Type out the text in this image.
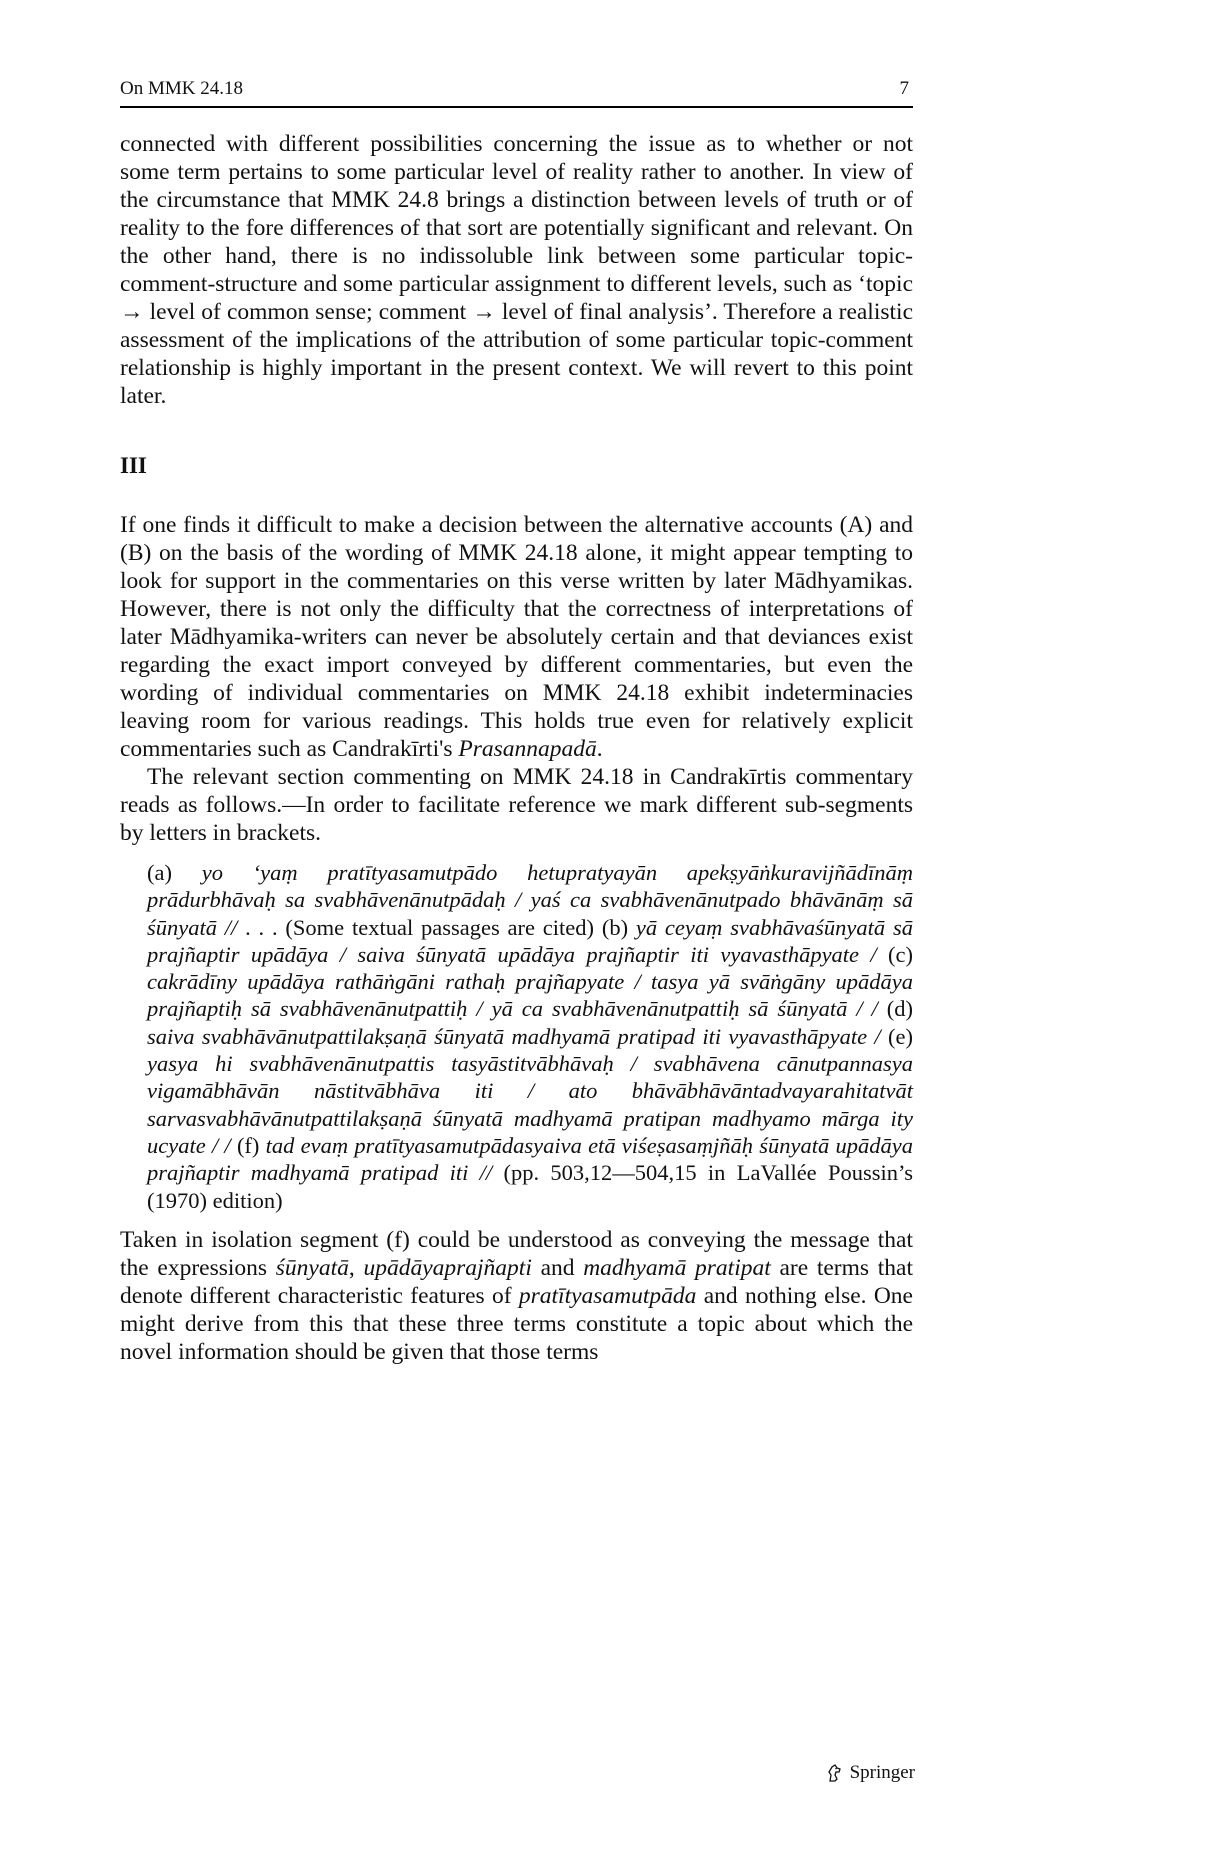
On MMK 24.18	7

connected with different possibilities concerning the issue as to whether or not some term pertains to some particular level of reality rather to another. In view of the circumstance that MMK 24.8 brings a distinction between levels of truth or of reality to the fore differences of that sort are potentially significant and relevant. On the other hand, there is no indissoluble link between some particular topic-comment-structure and some particular assignment to different levels, such as ‘topic → level of common sense; comment → level of final analysis’. Therefore a realistic assessment of the implications of the attribution of some particular topic-comment relationship is highly important in the present context. We will revert to this point later.

III

If one finds it difficult to make a decision between the alternative accounts (A) and (B) on the basis of the wording of MMK 24.18 alone, it might appear tempting to look for support in the commentaries on this verse written by later Mādhyamikas. However, there is not only the difficulty that the correctness of interpretations of later Mādhyamika-writers can never be absolutely certain and that deviances exist regarding the exact import conveyed by different commentaries, but even the wording of individual commentaries on MMK 24.18 exhibit indeterminacies leaving room for various readings. This holds true even for relatively explicit commentaries such as Candrakīrti's Prasannapadā.

The relevant section commenting on MMK 24.18 in Candrakīrtis commentary reads as follows.—In order to facilitate reference we mark different sub-segments by letters in brackets.

(a) yo ‘yaṃ pratītyasamutpādo hetupratyayān apekṣyāṅkuravijñādīnāṃ prādurbhāvaḥ sa svabhāvenānutpādaḥ / yaś ca svabhāvenānutpado bhāvānāṃ sā śūnyatā // . . . (Some textual passages are cited) (b) yā ceyaṃ svabhāvaśūnyatā sā prajñaptir upādāya / saiva śūnyatā upādāya prajñaptir iti vyavasthāpyate / (c) cakrādīny upādāya rathāṅgāni rathaḥ prajñapyate / tasya yā svāṅgāny upādāya prajñaptiḥ sā svabhāvenānutpattiḥ / yā ca svabhāvenānutpattiḥ sā śūnyatā / / (d) saiva svabhāvānutpattilakṣaṇā śūnyatā madhyamā pratipad iti vyavasthāpyate / (e) yasya hi svabhāvenānutpattis tasyāstitvābhāvaḥ / svabhāvena cānutpannasya vigamābhāvān nāstitvābhāva iti / ato bhāvābhāvāntadvayarahitatvāt sarvasvabhāvānutpattilakṣaṇā śūnyatā madhyamā pratipan madhyamo mārga ity ucyate / / (f) tad evaṃ pratītyasamutpādasyaiva etā viśeṣasaṃjñāḥ śūnyatā upādāya prajñaptir madhyamā pratipad iti // (pp. 503,12—504,15 in LaVallée Poussin’s (1970) edition)

Taken in isolation segment (f) could be understood as conveying the message that the expressions śūnyatā, upādāyaprajñapti and madhyamā pratipat are terms that denote different characteristic features of pratītyasamutpāda and nothing else. One might derive from this that these three terms constitute a topic about which the novel information should be given that those terms

Springer
